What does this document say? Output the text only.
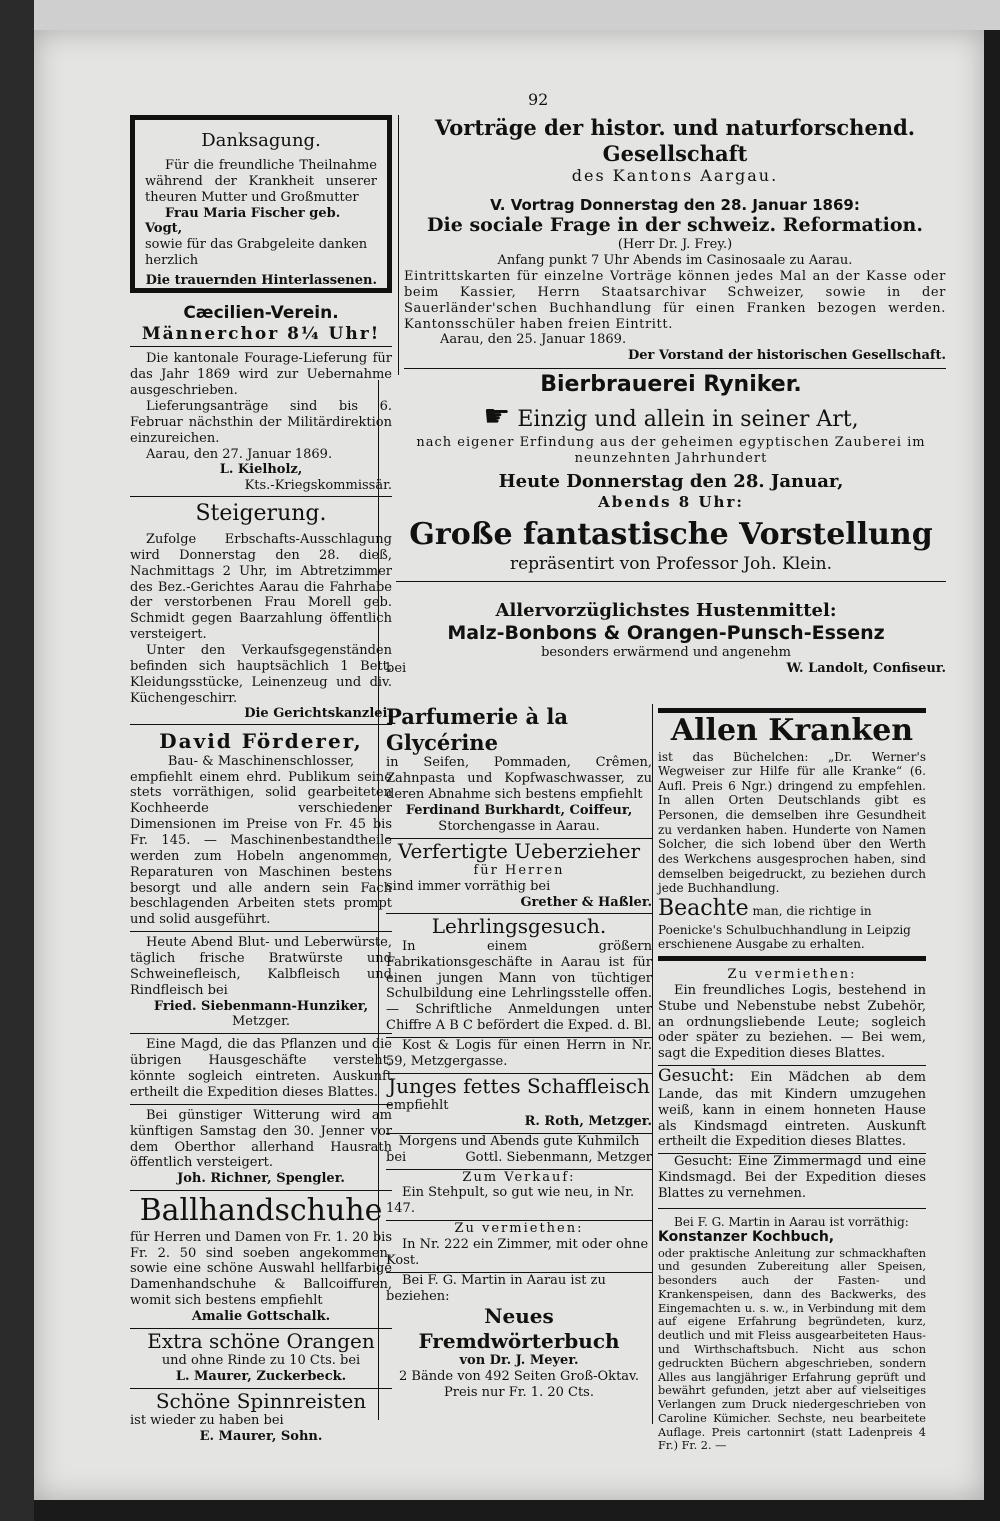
92
Danksagung.
Für die freundliche Theilnahme während der Krankheit unserer theuren Mutter und Großmutter
Frau Maria Fischer geb. Vogt,
sowie für das Grabgeleite danken herzlich
Die trauernden Hinterlassenen.
Cæcilien-Verein.
Männerchor 8¼ Uhr!
Die kantonale Fourage-Lieferung für das Jahr 1869 wird zur Uebernahme ausgeschrieben.
Lieferungsanträge sind bis 6. Februar nächsthin der Militärdirektion einzureichen.
Aarau, den 27. Januar 1869.
L. Kielholz,
Kts.-Kriegskommissär.
Steigerung.
Zufolge Erbschafts-Ausschlagung wird Donnerstag den 28. dieß, Nachmittags 2 Uhr, im Abtretzimmer des Bez.-Gerichtes Aarau die Fahrhabe der verstorbenen Frau Morell geb. Schmidt gegen Baarzahlung öffentlich versteigert.
Unter den Verkaufsgegenständen befinden sich hauptsächlich 1 Bett, Kleidungsstücke, Leinenzeug und div. Küchengeschirr.
Die Gerichtskanzlei.
David Förderer,
Bau- & Maschinenschlosser,
empfiehlt einem ehrd. Publikum seine stets vorräthigen, solid gearbeiteten Kochheerde verschiedener Dimensionen im Preise von Fr. 45 bis Fr. 145. — Maschinenbestandtheile werden zum Hobeln angenommen, Reparaturen von Maschinen bestens besorgt und alle andern sein Fach beschlagenden Arbeiten stets prompt und solid ausgeführt.
Heute Abend Blut- und Leberwürste, täglich frische Bratwürste und Schweinefleisch, Kalbfleisch und Rindfleisch bei
Fried. Siebenmann-Hunziker,
Metzger.
Eine Magd, die das Pflanzen und die übrigen Hausgeschäfte versteht, könnte sogleich eintreten. Auskunft ertheilt die Expedition dieses Blattes.
Bei günstiger Witterung wird am künftigen Samstag den 30. Jenner vor dem Oberthor allerhand Hausrath öffentlich versteigert.
Joh. Richner, Spengler.
Ballhandschuhe
für Herren und Damen von Fr. 1. 20 bis Fr. 2. 50 sind soeben angekommen, sowie eine schöne Auswahl hellfarbige Damenhandschuhe & Ballcoiffuren, womit sich bestens empfiehlt
Amalie Gottschalk.
Extra schöne Orangen
und ohne Rinde zu 10 Cts. bei
L. Maurer, Zuckerbeck.
Schöne Spinnreisten
ist wieder zu haben bei
E. Maurer, Sohn.
Vorträge der histor. und naturforschend. Gesellschaft
des Kantons Aargau.
V. Vortrag Donnerstag den 28. Januar 1869:
Die sociale Frage in der schweiz. Reformation.
(Herr Dr. J. Frey.)
Anfang punkt 7 Uhr Abends im Casinosaale zu Aarau.
Eintrittskarten für einzelne Vorträge können jedes Mal an der Kasse oder beim Kassier, Herrn Staatsarchivar Schweizer, sowie in der Sauerländer'schen Buchhandlung für einen Franken bezogen werden. Kantonsschüler haben freien Eintritt.
Aarau, den 25. Januar 1869.
Der Vorstand der historischen Gesellschaft.
Bierbrauerei Ryniker.
☛ Einzig und allein in seiner Art,
nach eigener Erfindung aus der geheimen egyptischen Zauberei im neunzehnten Jahrhundert
Heute Donnerstag den 28. Januar,
Abends 8 Uhr:
Große fantastische Vorstellung
repräsentirt von Professor Joh. Klein.
Allervorzüglichstes Hustenmittel:
Malz-Bonbons & Orangen-Punsch-Essenz
besonders erwärmend und angenehm
bei	W. Landolt, Confiseur.
Parfumerie à la Glycérine
in Seifen, Pommaden, Crêmen, Zahnpasta und Kopfwaschwasser, zu deren Abnahme sich bestens empfiehlt
Ferdinand Burkhardt, Coiffeur,
Storchengasse in Aarau.
Verfertigte Ueberzieher
für Herren
sind immer vorräthig bei
Grether & Haßler.
Lehrlingsgesuch.
In einem größern Fabrikationsgeschäfte in Aarau ist für einen jungen Mann von tüchtiger Schulbildung eine Lehrlingsstelle offen. — Schriftliche Anmeldungen unter Chiffre A B C befördert die Exped. d. Bl.
Kost & Logis für einen Herrn in Nr. 59, Metzgergasse.
Junges fettes Schaffleisch
empfiehlt
R. Roth, Metzger.
Morgens und Abends gute Kuhmilch
bei	Gottl. Siebenmann, Metzger
Zum Verkauf:
Ein Stehpult, so gut wie neu, in Nr. 147.
Zu vermiethen:
In Nr. 222 ein Zimmer, mit oder ohne Kost.
Bei F. G. Martin in Aarau ist zu beziehen:
Neues Fremdwörterbuch
von Dr. J. Meyer.
2 Bände von 492 Seiten Groß-Oktav. Preis nur Fr. 1. 20 Cts.
Allen Kranken
ist das Büchelchen: „Dr. Werner's Wegweiser zur Hilfe für alle Kranke“ (6. Aufl. Preis 6 Ngr.) dringend zu empfehlen. In allen Orten Deutschlands gibt es Personen, die demselben ihre Gesundheit zu verdanken haben. Hunderte von Namen Solcher, die sich lobend über den Werth des Werkchens ausgesprochen haben, sind demselben beigedruckt, zu beziehen durch jede Buchhandlung.
Beachte man, die richtige in Poenicke's Schulbuchhandlung in Leipzig erschienene Ausgabe zu erhalten.
Zu vermiethen:
Ein freundliches Logis, bestehend in Stube und Nebenstube nebst Zubehör, an ordnungsliebende Leute; sogleich oder später zu beziehen. — Bei wem, sagt die Expedition dieses Blattes.
Gesucht: Ein Mädchen ab dem Lande, das mit Kindern umzugehen weiß, kann in einem honneten Hause als Kindsmagd eintreten. Auskunft ertheilt die Expedition dieses Blattes.
Gesucht: Eine Zimmermagd und eine Kindsmagd. Bei der Expedition dieses Blattes zu vernehmen.
Bei F. G. Martin in Aarau ist vorräthig:
Konstanzer Kochbuch,
oder praktische Anleitung zur schmackhaften und gesunden Zubereitung aller Speisen, besonders auch der Fasten- und Krankenspeisen, dann des Backwerks, des Eingemachten u. s. w., in Verbindung mit dem auf eigene Erfahrung begründeten, kurz, deutlich und mit Fleiss ausgearbeiteten Haus- und Wirthschaftsbuch. Nicht aus schon gedruckten Büchern abgeschrieben, sondern Alles aus langjähriger Erfahrung geprüft und bewährt gefunden, jetzt aber auf vielseitiges Verlangen zum Druck niedergeschrieben von Caroline Kümicher. Sechste, neu bearbeitete Auflage. Preis cartonnirt (statt Ladenpreis 4 Fr.) Fr. 2. —
